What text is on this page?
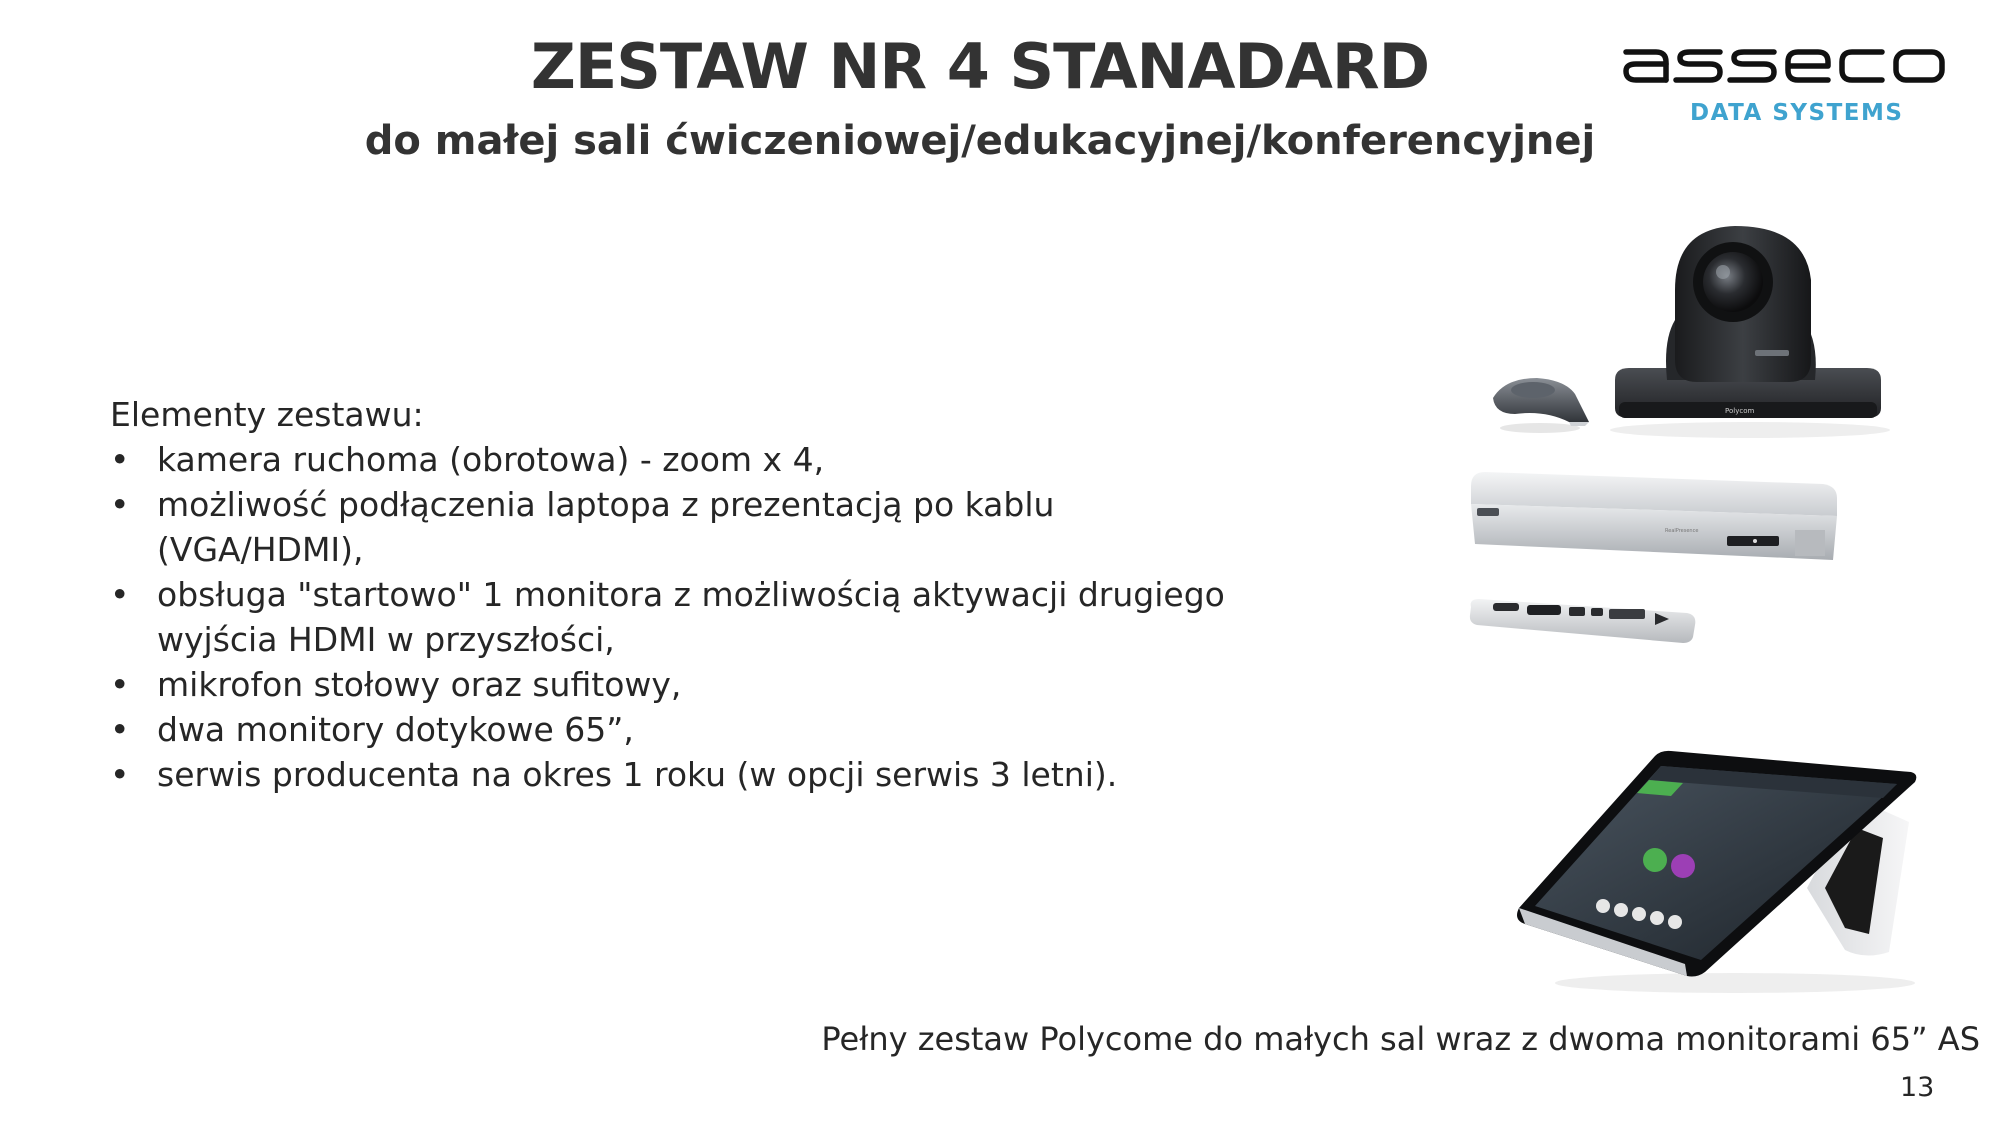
ZESTAW NR 4 STANADARD
do małej sali ćwiczeniowej/edukacyjnej/konferencyjnej
DATA SYSTEMS
Elementy zestawu:
• kamera ruchoma (obrotowa) - zoom x 4,
• możliwość podłączenia laptopa z prezentacją po kablu (VGA/HDMI),
• obsługa "startowo" 1 monitora z możliwością aktywacji drugiego wyjścia HDMI w przyszłości,
• mikrofon stołowy oraz sufitowy,
• dwa monitory dotykowe 65”,
• serwis producenta na okres 1 roku (w opcji serwis 3 letni).
Polycom
RealPresence
Pełny zestaw Polycome do małych sal wraz z dwoma monitorami 65” AS
13
